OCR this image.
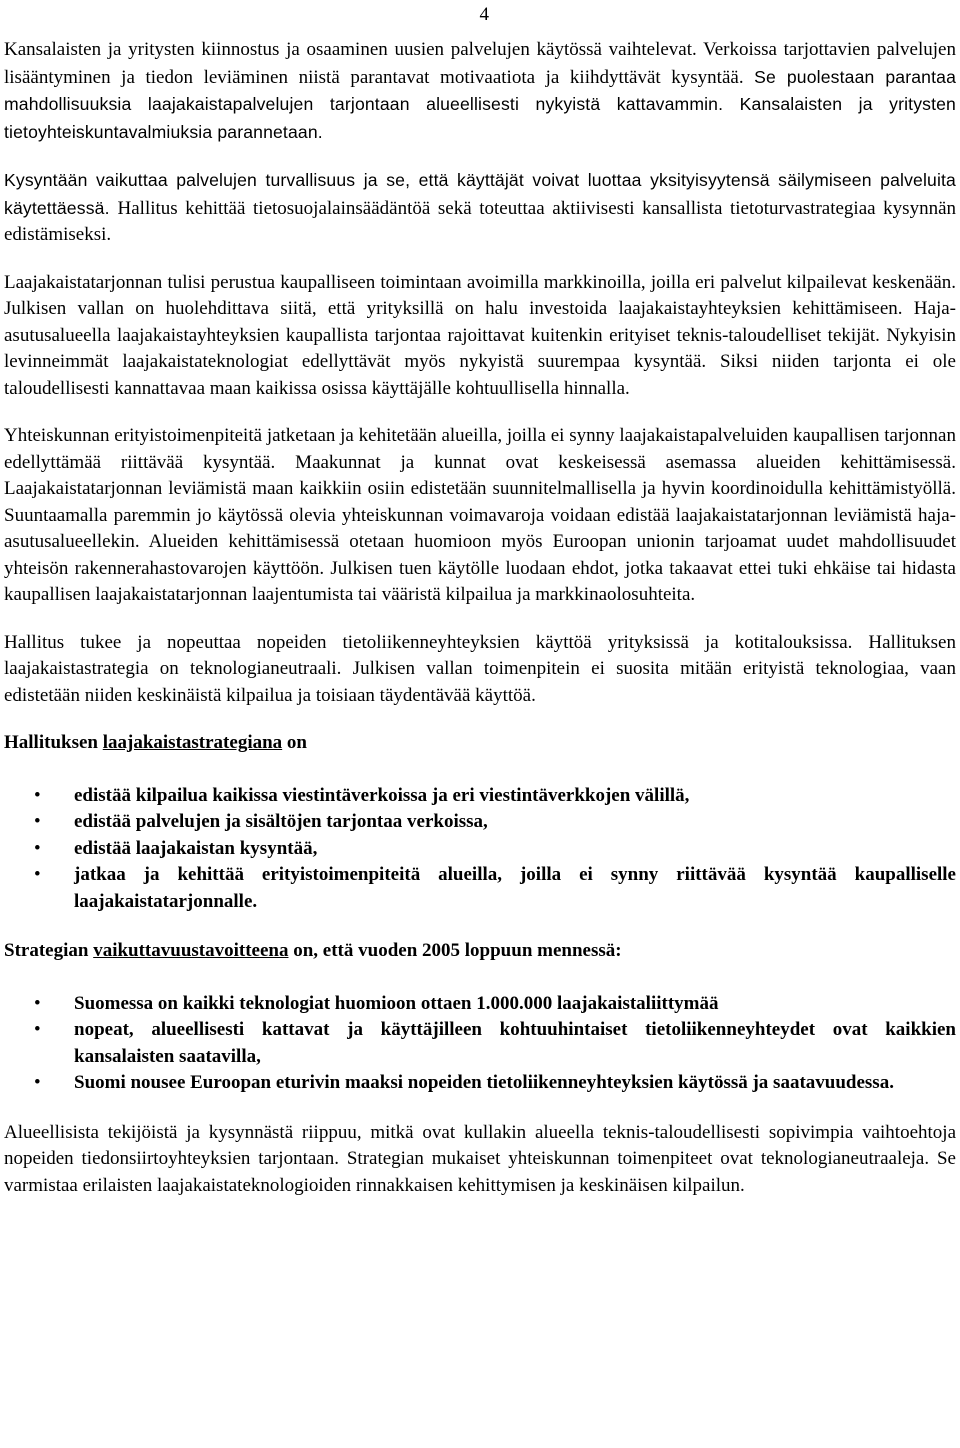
4

Kansalaisten ja yritysten kiinnostus ja osaaminen uusien palvelujen käytössä vaihtelevat. Verkoissa tarjottavien palvelujen lisääntyminen ja tiedon leviäminen niistä parantavat motivaatiota ja kiihdyttävät kysyntää. Se puolestaan parantaa mahdollisuuksia laajakaistapalvelujen tarjontaan alueellisesti nykyistä kattavammin. Kansalaisten ja yritysten tietoyhteiskuntavalmiuksia parannetaan.

Kysyntään vaikuttaa palvelujen turvallisuus ja se, että käyttäjät voivat luottaa yksityisyytensä säilymiseen palveluita käytettäessä. Hallitus kehittää tietosuojalainsäädäntöä sekä toteuttaa aktiivisesti kansallista tietoturvastrategiaa kysynnän edistämiseksi.

Laajakaistatarjonnan tulisi perustua kaupalliseen toimintaan avoimilla markkinoilla, joilla eri palvelut kilpailevat keskenään. Julkisen vallan on huolehdittava siitä, että yrityksillä on halu investoida laajakaistayhteyksien kehittämiseen. Haja-asutusalueella laajakaistayhteyksien kaupallista tarjontaa rajoittavat kuitenkin erityiset teknis-taloudelliset tekijät. Nykyisin levinneimmät laajakaistateknologiat edellyttävät myös nykyistä suurempaa kysyntää. Siksi niiden tarjonta ei ole taloudellisesti kannattavaa maan kaikissa osissa käyttäjälle kohtuullisella hinnalla.

Yhteiskunnan erityistoimenpiteitä jatketaan ja kehitetään alueilla, joilla ei synny laajakaistapalveluiden kaupallisen tarjonnan edellyttämää riittävää kysyntää. Maakunnat ja kunnat ovat keskeisessä asemassa alueiden kehittämisessä. Laajakaistatarjonnan leviämistä maan kaikkiin osiin edistetään suunnitelmallisella ja hyvin koordinoidulla kehittämistyöllä. Suuntaamalla paremmin jo käytössä olevia yhteiskunnan voimavaroja voidaan edistää laajakaistatarjonnan leviämistä haja-asutusalueellekin. Alueiden kehittämisessä otetaan huomioon myös Euroopan unionin tarjoamat uudet mahdollisuudet yhteisön rakennerahastovarojen käyttöön. Julkisen tuen käytölle luodaan ehdot, jotka takaavat ettei tuki ehkäise tai hidasta kaupallisen laajakaistatarjonnan laajentumista tai vääristä kilpailua ja markkinaolosuhteita.

Hallitus tukee ja nopeuttaa nopeiden tietoliikenneyhteyksien käyttöä yrityksissä ja kotitalouksissa. Hallituksen laajakaistastrategia on teknologianeutraali. Julkisen vallan toimenpitein ei suosita mitään erityistä teknologiaa, vaan edistetään niiden keskinäistä kilpailua ja toisiaan täydentävää käyttöä.

Hallituksen laajakaistastrategiana on

• edistää kilpailua kaikissa viestintäverkoissa ja eri viestintäverkkojen välillä,
• edistää palvelujen ja sisältöjen tarjontaa verkoissa,
• edistää laajakaistan kysyntää,
• jatkaa ja kehittää erityistoimenpiteitä alueilla, joilla ei synny riittävää kysyntää kaupalliselle laajakaistatarjonnalle.

Strategian vaikuttavuustavoitteena on, että vuoden 2005 loppuun mennessä:

• Suomessa on kaikki teknologiat huomioon ottaen 1.000.000 laajakaistaliittymää
• nopeat, alueellisesti kattavat ja käyttäjilleen kohtuuhintaiset tietoliikenneyhteydet ovat kaikkien kansalaisten saatavilla,
• Suomi nousee Euroopan eturivin maaksi nopeiden tietoliikenneyhteyksien käytössä ja saatavuudessa.

Alueellisista tekijöistä ja kysynnästä riippuu, mitkä ovat kullakin alueella teknis-taloudellisesti sopivimpia vaihtoehtoja nopeiden tiedonsiirtoyhteyksien tarjontaan. Strategian mukaiset yhteiskunnan toimenpiteet ovat teknologianeutraaleja. Se varmistaa erilaisten laajakaistateknologioiden rinnakkaisen kehittymisen ja keskinäisen kilpailun.
